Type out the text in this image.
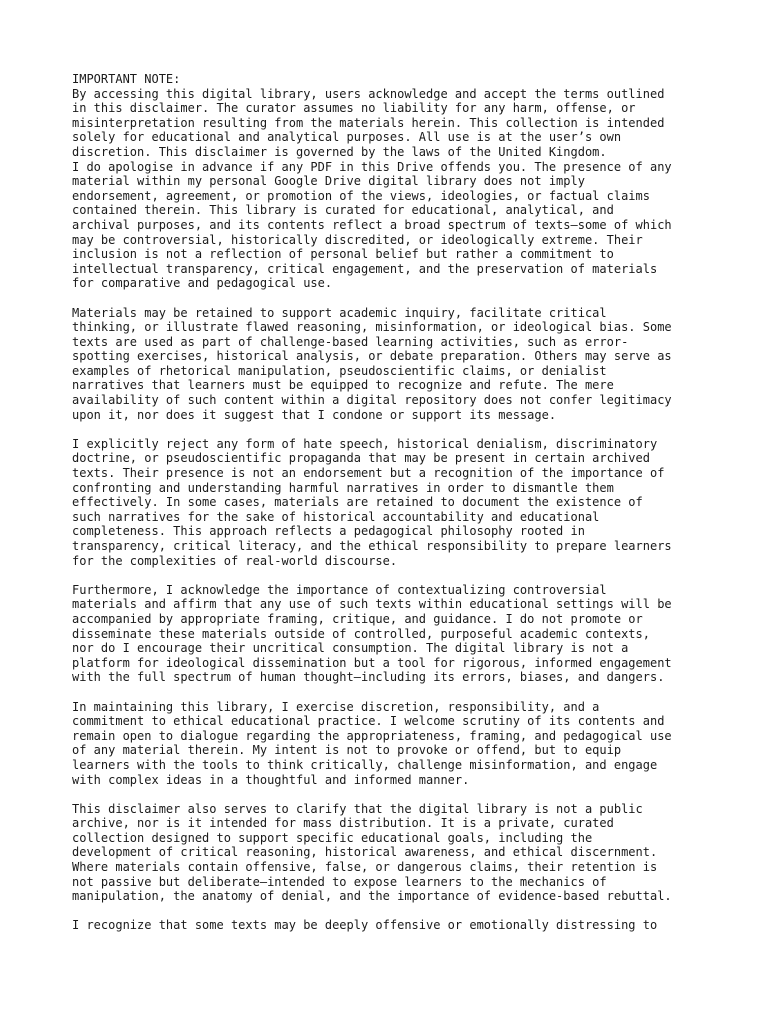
IMPORTANT NOTE:
By accessing this digital library, users acknowledge and accept the terms outlined
in this disclaimer. The curator assumes no liability for any harm, offense, or
misinterpretation resulting from the materials herein. This collection is intended
solely for educational and analytical purposes. All use is at the user’s own
discretion. This disclaimer is governed by the laws of the United Kingdom.
I do apologise in advance if any PDF in this Drive offends you. The presence of any
material within my personal Google Drive digital library does not imply
endorsement, agreement, or promotion of the views, ideologies, or factual claims
contained therein. This library is curated for educational, analytical, and
archival purposes, and its contents reflect a broad spectrum of texts—some of which
may be controversial, historically discredited, or ideologically extreme. Their
inclusion is not a reflection of personal belief but rather a commitment to
intellectual transparency, critical engagement, and the preservation of materials
for comparative and pedagogical use.
Materials may be retained to support academic inquiry, facilitate critical
thinking, or illustrate flawed reasoning, misinformation, or ideological bias. Some
texts are used as part of challenge-based learning activities, such as error-
spotting exercises, historical analysis, or debate preparation. Others may serve as
examples of rhetorical manipulation, pseudoscientific claims, or denialist
narratives that learners must be equipped to recognize and refute. The mere
availability of such content within a digital repository does not confer legitimacy
upon it, nor does it suggest that I condone or support its message.
I explicitly reject any form of hate speech, historical denialism, discriminatory
doctrine, or pseudoscientific propaganda that may be present in certain archived
texts. Their presence is not an endorsement but a recognition of the importance of
confronting and understanding harmful narratives in order to dismantle them
effectively. In some cases, materials are retained to document the existence of
such narratives for the sake of historical accountability and educational
completeness. This approach reflects a pedagogical philosophy rooted in
transparency, critical literacy, and the ethical responsibility to prepare learners
for the complexities of real-world discourse.
Furthermore, I acknowledge the importance of contextualizing controversial
materials and affirm that any use of such texts within educational settings will be
accompanied by appropriate framing, critique, and guidance. I do not promote or
disseminate these materials outside of controlled, purposeful academic contexts,
nor do I encourage their uncritical consumption. The digital library is not a
platform for ideological dissemination but a tool for rigorous, informed engagement
with the full spectrum of human thought—including its errors, biases, and dangers.
In maintaining this library, I exercise discretion, responsibility, and a
commitment to ethical educational practice. I welcome scrutiny of its contents and
remain open to dialogue regarding the appropriateness, framing, and pedagogical use
of any material therein. My intent is not to provoke or offend, but to equip
learners with the tools to think critically, challenge misinformation, and engage
with complex ideas in a thoughtful and informed manner.
This disclaimer also serves to clarify that the digital library is not a public
archive, nor is it intended for mass distribution. It is a private, curated
collection designed to support specific educational goals, including the
development of critical reasoning, historical awareness, and ethical discernment.
Where materials contain offensive, false, or dangerous claims, their retention is
not passive but deliberate—intended to expose learners to the mechanics of
manipulation, the anatomy of denial, and the importance of evidence-based rebuttal.
I recognize that some texts may be deeply offensive or emotionally distressing to
